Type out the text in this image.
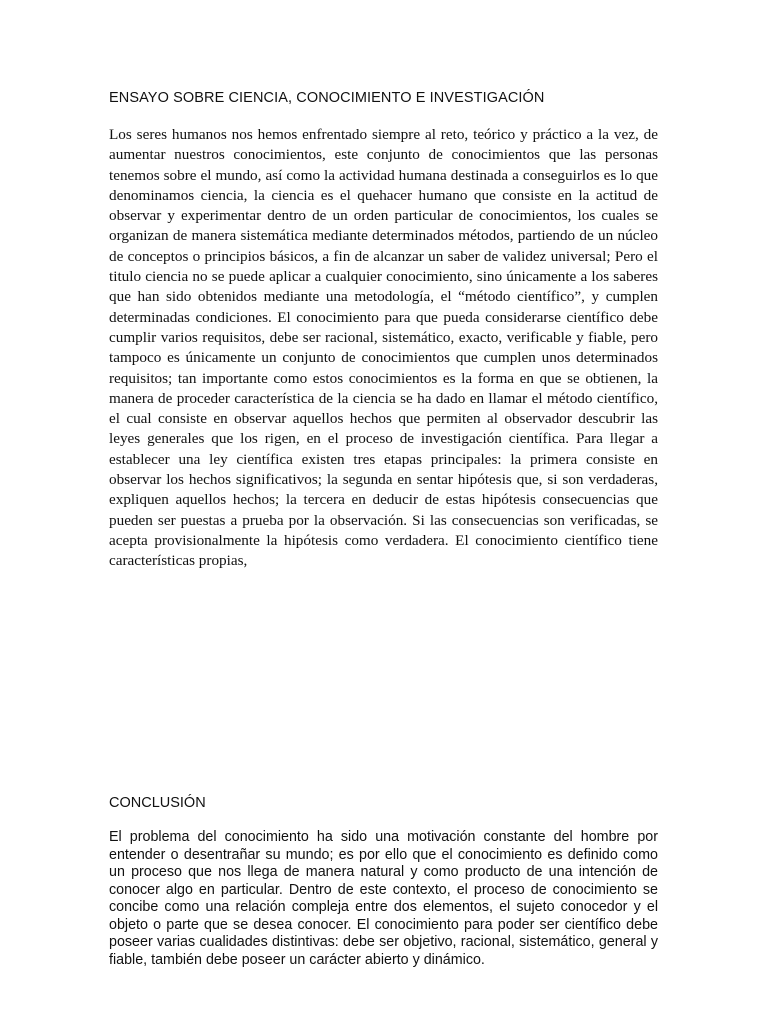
ENSAYO SOBRE CIENCIA, CONOCIMIENTO E INVESTIGACIÓN

Los seres humanos nos hemos enfrentado siempre al reto, teórico y práctico a la vez, de aumentar nuestros conocimientos, este conjunto de conocimientos que las personas tenemos sobre el mundo, así como la actividad humana destinada a conseguirlos es lo que denominamos ciencia, la ciencia es el quehacer humano que consiste en la actitud de observar y experimentar dentro de un orden particular de conocimientos, los cuales se organizan de manera sistemática mediante determinados métodos, partiendo de un núcleo de conceptos o principios básicos, a fin de alcanzar un saber de validez universal; Pero el titulo ciencia no se puede aplicar a cualquier conocimiento, sino únicamente a los saberes que han sido obtenidos mediante una metodología, el “método científico”, y cumplen determinadas condiciones. El conocimiento para que pueda considerarse científico debe cumplir varios requisitos, debe ser racional, sistemático, exacto, verificable y fiable, pero tampoco es únicamente un conjunto de conocimientos que cumplen unos determinados requisitos; tan importante como estos conocimientos es la forma en que se obtienen, la manera de proceder característica de la ciencia se ha dado en llamar el método científico, el cual consiste en observar aquellos hechos que permiten al observador descubrir las leyes generales que los rigen, en el proceso de investigación científica. Para llegar a establecer una ley científica existen tres etapas principales: la primera consiste en observar los hechos significativos; la segunda en sentar hipótesis que, si son verdaderas, expliquen aquellos hechos; la tercera en deducir de estas hipótesis consecuencias que pueden ser puestas a prueba por la observación. Si las consecuencias son verificadas, se acepta provisionalmente la hipótesis como verdadera. El conocimiento científico tiene características propias,

CONCLUSIÓN

El problema del conocimiento ha sido una motivación constante del hombre por entender o desentrañar su mundo; es por ello que el conocimiento es definido como un proceso que nos llega de manera natural y como producto de una intención de conocer algo en particular. Dentro de este contexto, el proceso de conocimiento se concibe como una relación compleja entre dos elementos, el sujeto conocedor y el objeto o parte que se desea conocer. El conocimiento para poder ser científico debe poseer varias cualidades distintivas: debe ser objetivo, racional, sistemático, general y fiable, también debe poseer un carácter abierto y dinámico.
